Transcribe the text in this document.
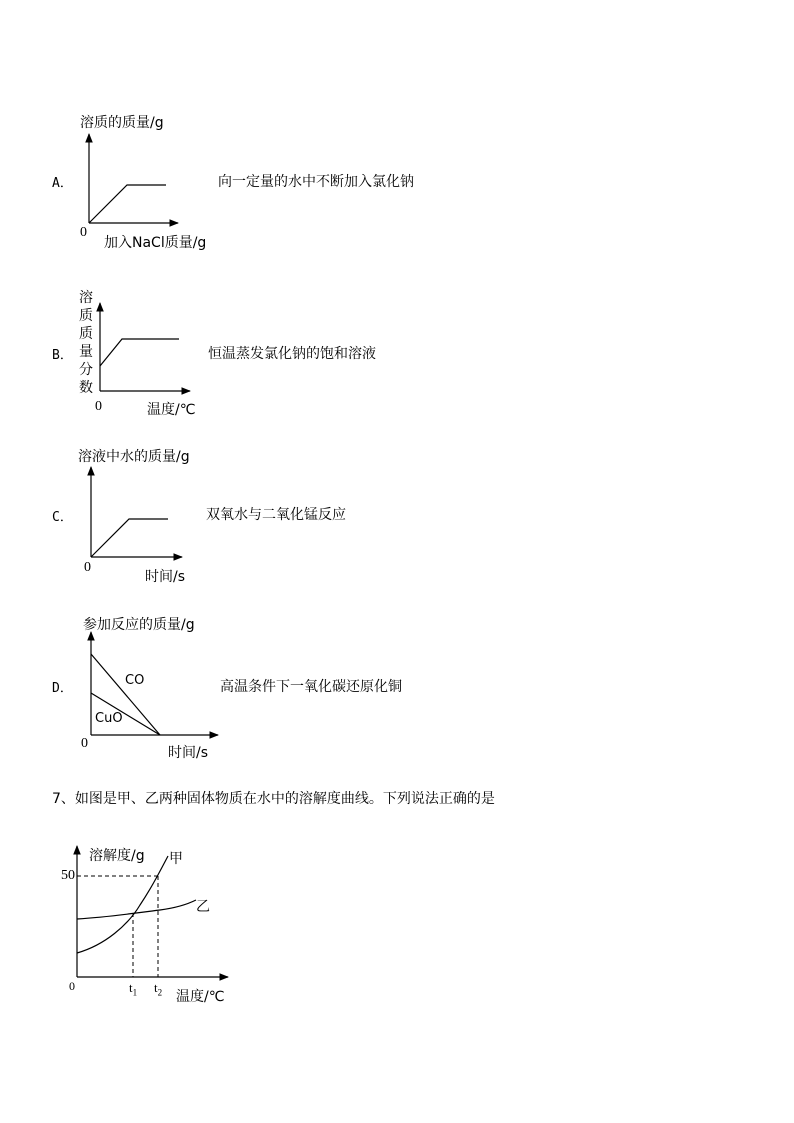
溶质的质量/g
A．
0
加入NaCl质量/g
向一定量的水中不断加入氯化钠
溶
质
质
量
分
数
B．
0	温度/℃
恒温蒸发氯化钠的饱和溶液
溶液中水的质量/g
C．
0
时间/s
双氧水与二氧化锰反应
参加反应的质量/g
D．
CO
CuO
0
时间/s
高温条件下一氧化碳还原化铜
7、如图是甲、乙两种固体物质在水中的溶解度曲线。下列说法正确的是
溶解度/g 甲
乙
50
0	$t_1$ $t_2$ 温度/℃
